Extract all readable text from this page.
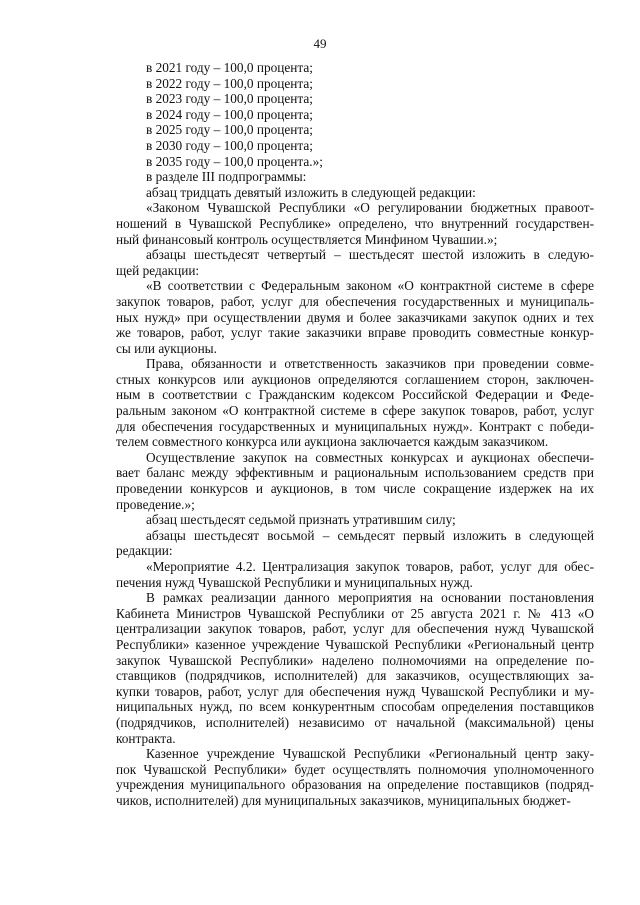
49
в 2021 году – 100,0 процента;
в 2022 году – 100,0 процента;
в 2023 году – 100,0 процента;
в 2024 году – 100,0 процента;
в 2025 году – 100,0 процента;
в 2030 году – 100,0 процента;
в 2035 году – 100,0 процента.»;
в разделе III подпрограммы:
абзац тридцать девятый изложить в следующей редакции:
«Законом Чувашской Республики «О регулировании бюджетных правоот-
ношений в Чувашской Республике» определено, что внутренний государствен-
ный финансовый контроль осуществляется Минфином Чувашии.»;
абзацы шестьдесят четвертый – шестьдесят шестой изложить в следую-
щей редакции:
«В соответствии с Федеральным законом «О контрактной системе в сфере
закупок товаров, работ, услуг для обеспечения государственных и муниципаль-
ных нужд» при осуществлении двумя и более заказчиками закупок одних и тех
же товаров, работ, услуг такие заказчики вправе проводить совместные конкур-
сы или аукционы.
Права, обязанности и ответственность заказчиков при проведении совме-
стных конкурсов или аукционов определяются соглашением сторон, заключен-
ным в соответствии с Гражданским кодексом Российской Федерации и Феде-
ральным законом «О контрактной системе в сфере закупок товаров, работ, услуг
для обеспечения государственных и муниципальных нужд». Контракт с победи-
телем совместного конкурса или аукциона заключается каждым заказчиком.
Осуществление закупок на совместных конкурсах и аукционах обеспечи-
вает баланс между эффективным и рациональным использованием средств при
проведении конкурсов и аукционов, в том числе сокращение издержек на их
проведение.»;
абзац шестьдесят седьмой признать утратившим силу;
абзацы шестьдесят восьмой – семьдесят первый изложить в следующей
редакции:
«Мероприятие 4.2. Централизация закупок товаров, работ, услуг для обес-
печения нужд Чувашской Республики и муниципальных нужд.
В рамках реализации данного мероприятия на основании постановления
Кабинета Министров Чувашской Республики от 25 августа 2021 г. № 413 «О
централизации закупок товаров, работ, услуг для обеспечения нужд Чувашской
Республики» казенное учреждение Чувашской Республики «Региональный центр
закупок Чувашской Республики» наделено полномочиями на определение по-
ставщиков (подрядчиков, исполнителей) для заказчиков, осуществляющих за-
купки товаров, работ, услуг для обеспечения нужд Чувашской Республики и му-
ниципальных нужд, по всем конкурентным способам определения поставщиков
(подрядчиков, исполнителей) независимо от начальной (максимальной) цены
контракта.
Казенное учреждение Чувашской Республики «Региональный центр заку-
пок Чувашской Республики» будет осуществлять полномочия уполномоченного
учреждения муниципального образования на определение поставщиков (подряд-
чиков, исполнителей) для муниципальных заказчиков, муниципальных бюджет-
